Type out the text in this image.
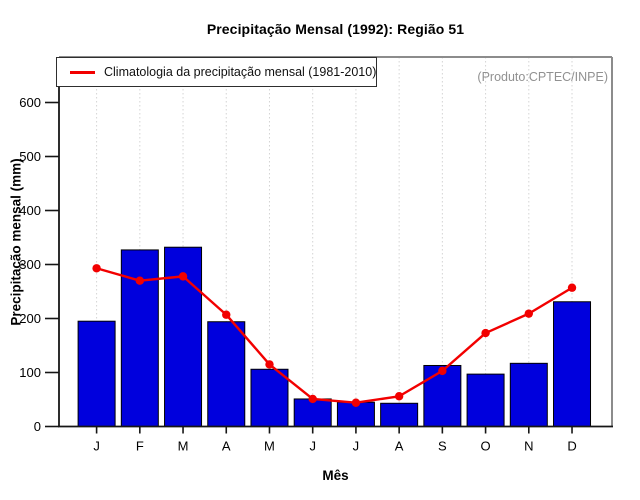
0
100
200
300
400
500
600
J	F	M	A	M	J	J	A	S	O	N	D
Precipitação Mensal (1992): Região 51
Climatologia da precipitação mensal (1981-2010)	(Produto:CPTEC/INPE)
Precipitação mensal (mm)
Mês
